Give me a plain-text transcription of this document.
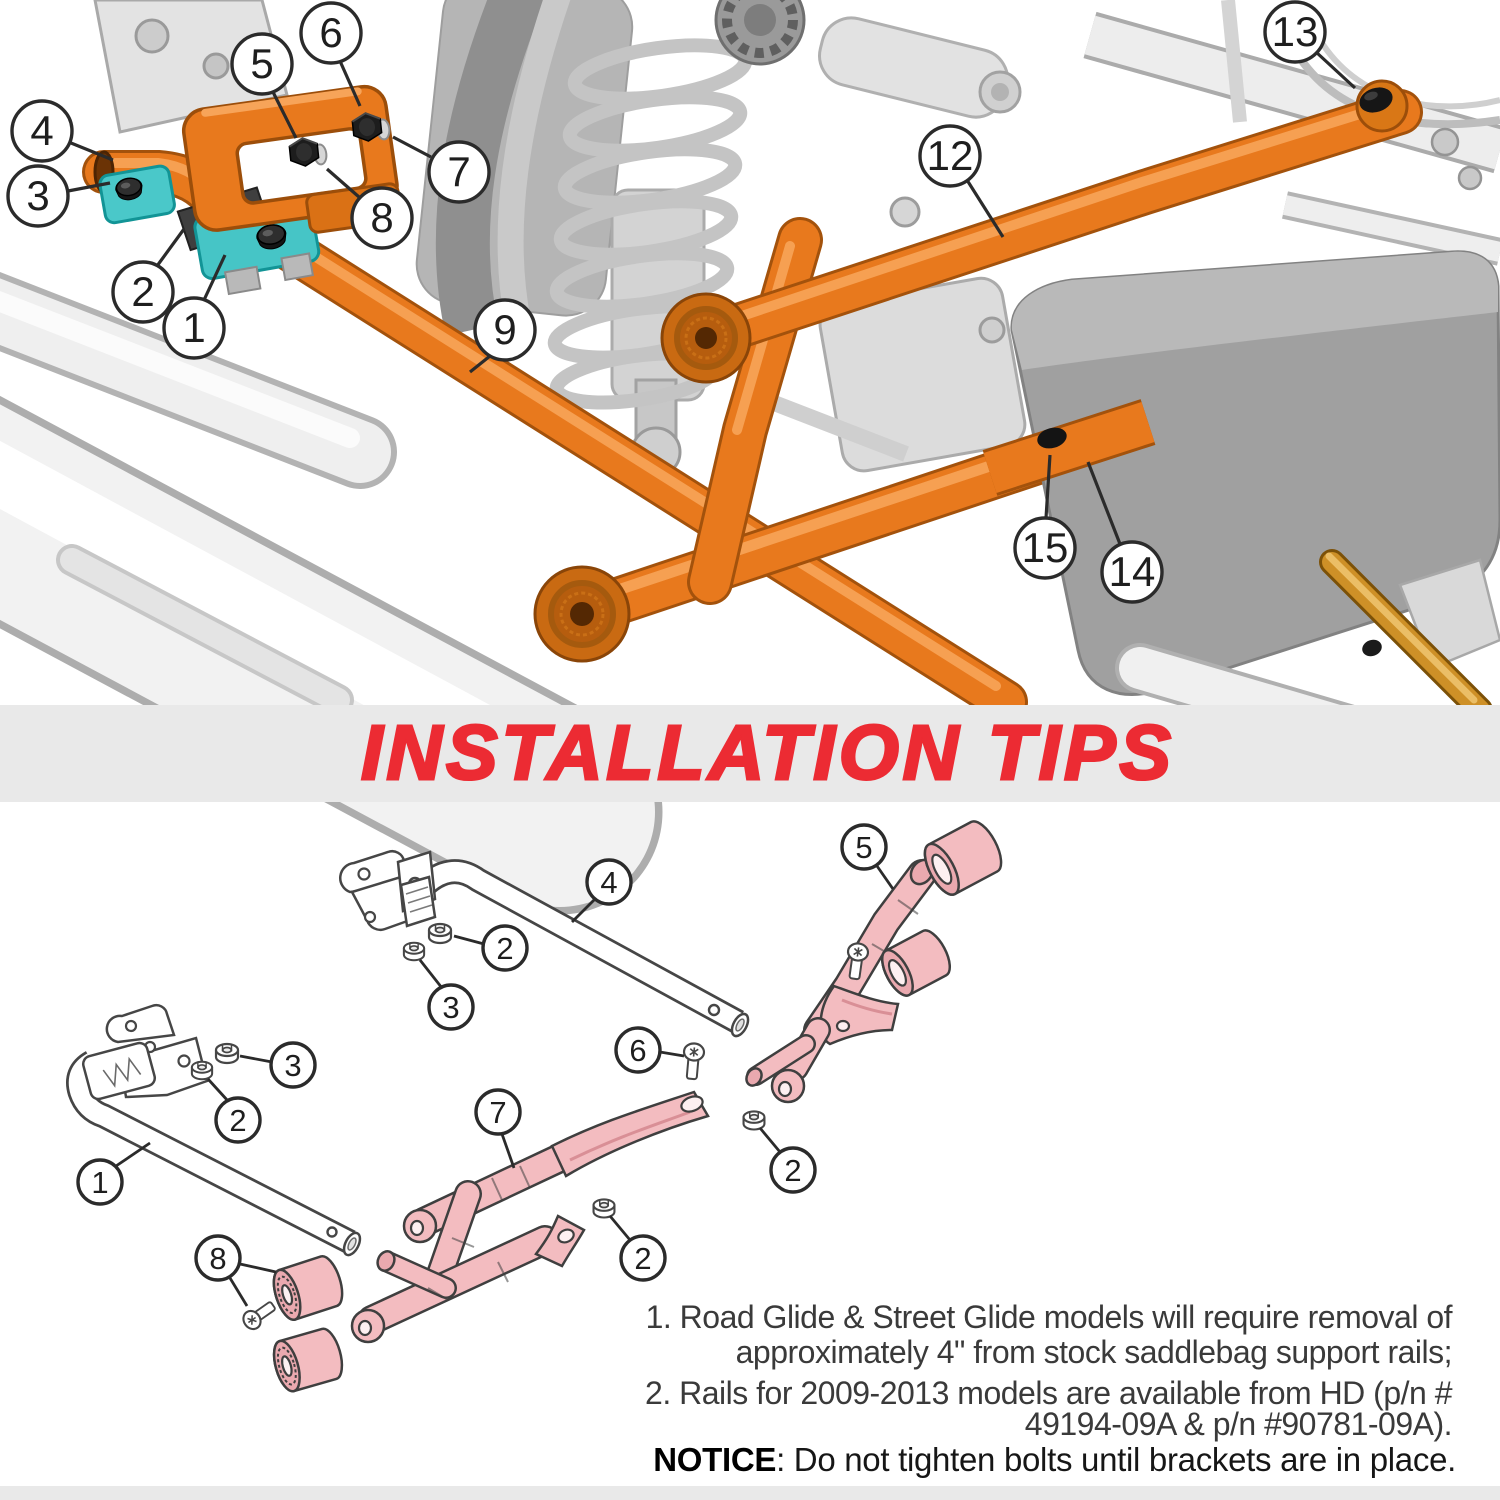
4
3
5
6
7
8
2
1	9
12
13
15
14
INSTALLATION TIPS
4
2
3
6
3
2
1
7
8	2
2
5
1. Road Glide & Street Glide models will require removal of
approximately 4" from stock saddlebag support rails;
2. Rails for 2009-2013 models are available from HD (p/n #
49194-09A & p/n #90781-09A).
NOTICE: Do not tighten bolts until brackets are in place.
